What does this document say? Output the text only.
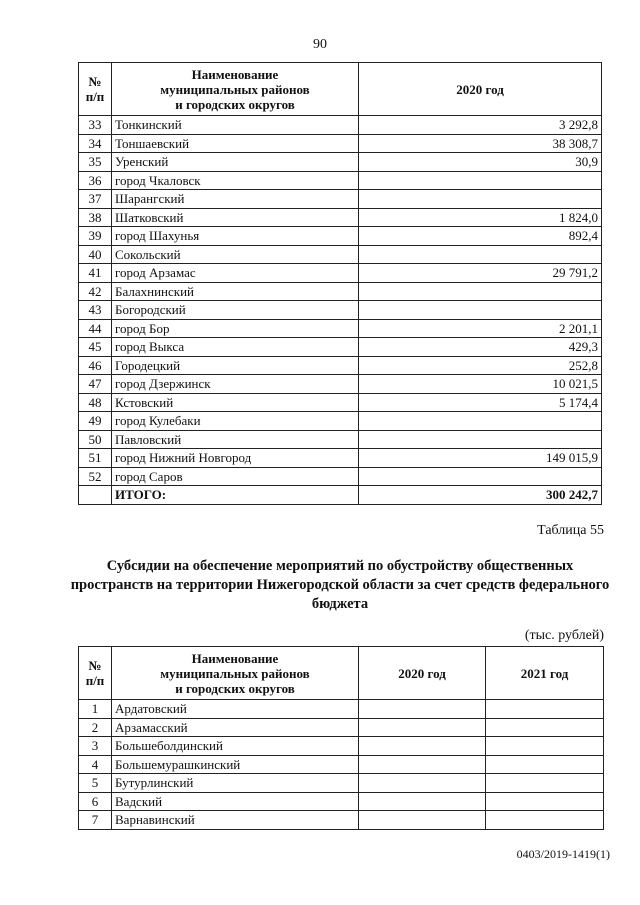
90
№
п/п	Наименование
муниципальных районов
и городских округов	2020 год
33	Тонкинский	3 292,8
34	Тоншаевский	38 308,7
35	Уренский	30,9
36	город Чкаловск	
37	Шарангский	
38	Шатковский	1 824,0
39	город Шахунья	892,4
40	Сокольский	
41	город Арзамас	29 791,2
42	Балахнинский	
43	Богородский	
44	город Бор	2 201,1
45	город Выкса	429,3
46	Городецкий	252,8
47	город Дзержинск	10 021,5
48	Кстовский	5 174,4
49	город Кулебаки	
50	Павловский	
51	город Нижний Новгород	149 015,9
52	город Саров	
	ИТОГО:	300 242,7
Таблица 55
Субсидии на обеспечение мероприятий по обустройству общественных пространств на территории Нижегородской области за счет средств федерального бюджета
(тыс. рублей)
№
п/п	Наименование
муниципальных районов
и городских округов	2020 год	2021 год
1	Ардатовский		
2	Арзамасский		
3	Большеболдинский		
4	Большемурашкинский		
5	Бутурлинский		
6	Вадский		
7	Варнавинский		
0403/2019-1419(1)
